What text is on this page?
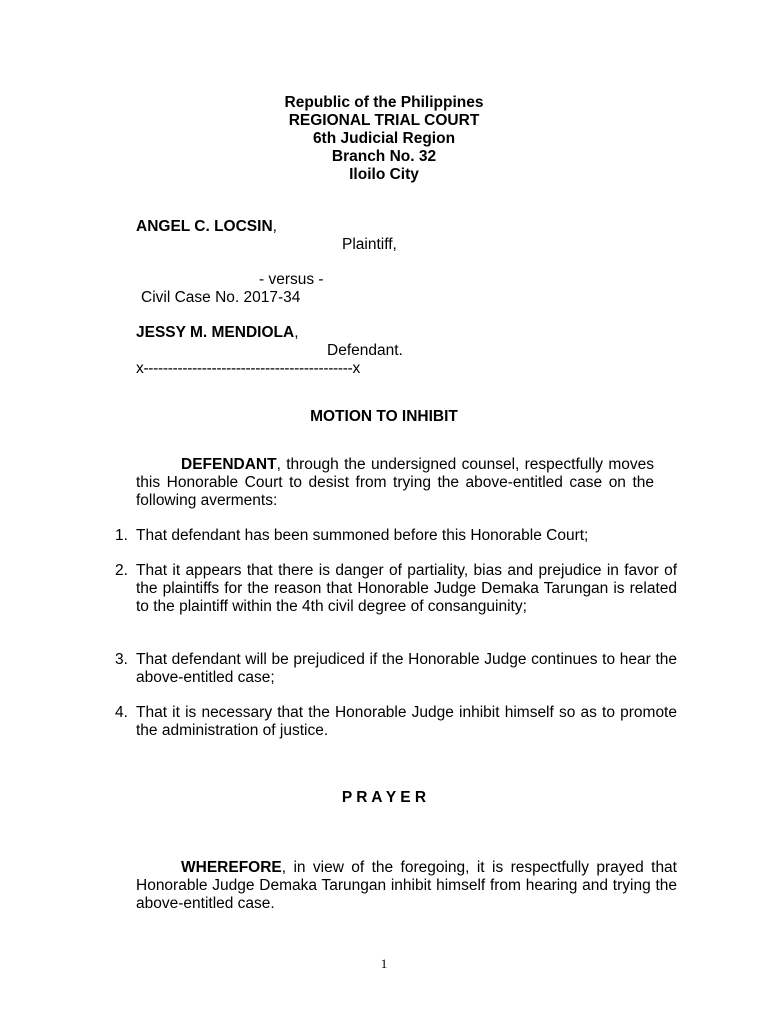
Republic of the Philippines
REGIONAL TRIAL COURT
6th Judicial Region
Branch No. 32
Iloilo City
ANGEL C. LOCSIN,
Plaintiff,
- versus -
Civil Case No. 2017-34
JESSY M. MENDIOLA,
Defendant.
x-------------------------------------------x
MOTION TO INHIBIT
DEFENDANT, through the undersigned counsel, respectfully moves this Honorable Court to desist from trying the above-entitled case on the following averments:
1. That defendant has been summoned before this Honorable Court;
2. That it appears that there is danger of partiality, bias and prejudice in favor of the plaintiffs for the reason that Honorable Judge Demaka Tarungan is related to the plaintiff within the 4th civil degree of consanguinity;
3. That defendant will be prejudiced if the Honorable Judge continues to hear the above-entitled case;
4. That it is necessary that the Honorable Judge inhibit himself so as to promote the administration of justice.
P R A Y E R
WHEREFORE, in view of the foregoing, it is respectfully prayed that Honorable Judge Demaka Tarungan inhibit himself from hearing and trying the above-entitled case.
1
